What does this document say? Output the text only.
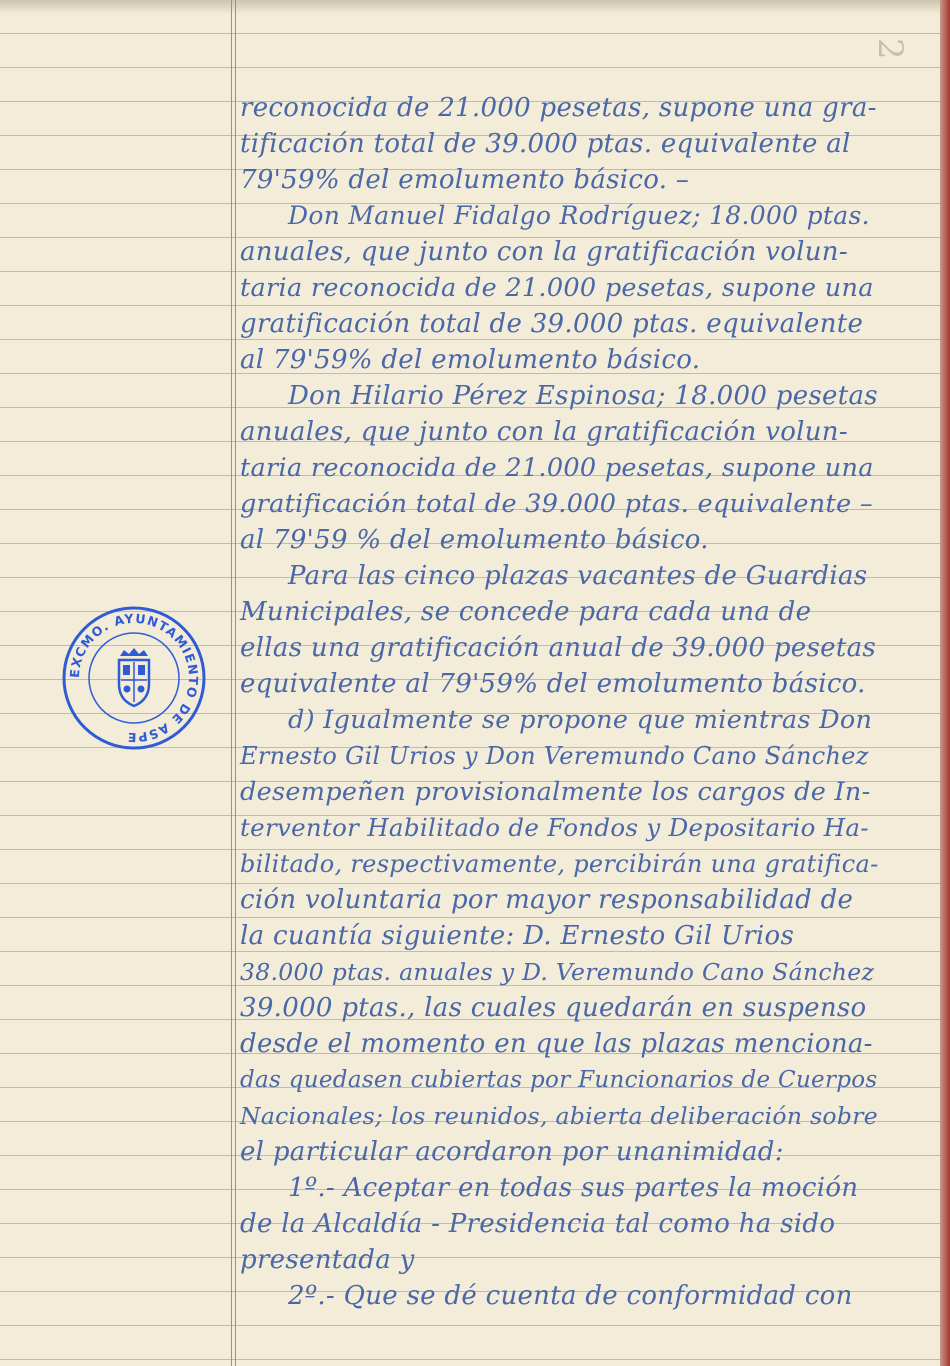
2
EXCMO. AYUNTAMIENTO DE ASPE
reconocida de 21.000 pesetas, supone una gra-
tificación total de 39.000 ptas. equivalente al
79'59% del emolumento básico. –
Don Manuel Fidalgo Rodríguez; 18.000 ptas.
anuales, que junto con la gratificación volun-
taria reconocida de 21.000 pesetas, supone una
gratificación total de 39.000 ptas. equivalente
al 79'59% del emolumento básico.
Don Hilario Pérez Espinosa; 18.000 pesetas
anuales, que junto con la gratificación volun-
taria reconocida de 21.000 pesetas, supone una
gratificación total de 39.000 ptas. equivalente –
al 79'59 % del emolumento básico.
Para las cinco plazas vacantes de Guardias
Municipales, se concede para cada una de
ellas una gratificación anual de 39.000 pesetas
equivalente al 79'59% del emolumento básico.
d) Igualmente se propone que mientras Don
Ernesto Gil Urios y Don Veremundo Cano Sánchez
desempeñen provisionalmente los cargos de In-
terventor Habilitado de Fondos y Depositario Ha-
bilitado, respectivamente, percibirán una gratifica-
ción voluntaria por mayor responsabilidad de
la cuantía siguiente: D. Ernesto Gil Urios
38.000 ptas. anuales y D. Veremundo Cano Sánchez
39.000 ptas., las cuales quedarán en suspenso
desde el momento en que las plazas menciona-
das quedasen cubiertas por Funcionarios de Cuerpos
Nacionales; los reunidos, abierta deliberación sobre
el particular acordaron por unanimidad:
1º.- Aceptar en todas sus partes la moción
de la Alcaldía - Presidencia tal como ha sido
presentada y
2º.- Que se dé cuenta de conformidad con
